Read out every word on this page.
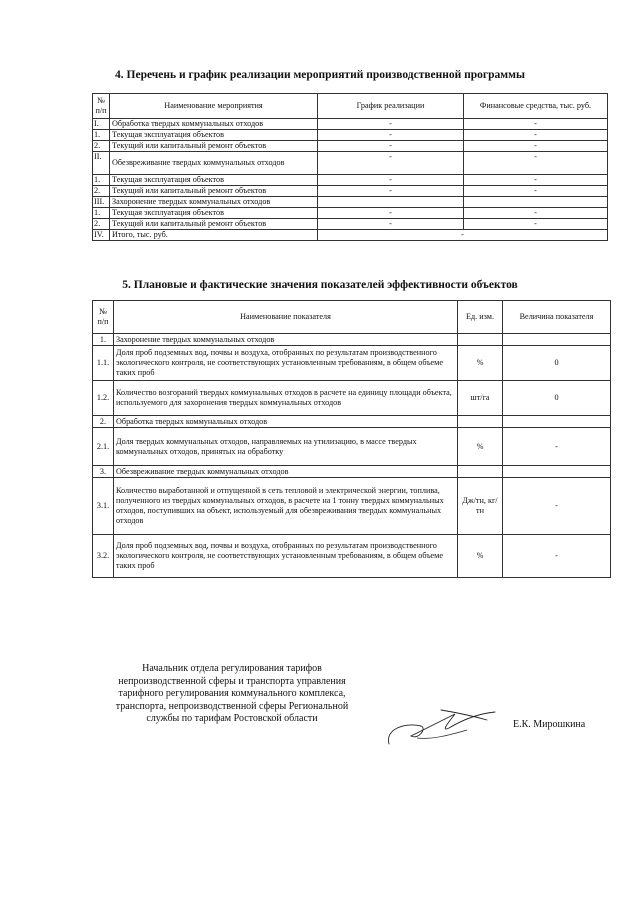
4. Перечень и график реализации мероприятий производственной программы
№ п/п	Наименование мероприятия	График реализации	Финансовые средства, тыс. руб.
I.	Обработка твердых коммунальных отходов	-	-
1.	Текущая эксплуатация объектов	-	-
2.	Текущий или капитальный ремонт объектов	-	-
II.	Обезвреживание твердых коммунальных отходов	-	-
1.	Текущая эксплуатация объектов	-	-
2.	Текущий или капитальный ремонт объектов	-	-
III.	Захоронение твердых коммунальных отходов		
1.	Текущая эксплуатация объектов	-	-
2.	Текущий или капитальный ремонт объектов	-	-
IV.	Итого, тыс. руб.	-	
5. Плановые и фактические значения показателей эффективности объектов
№ п/п	Наименование показателя	Ед. изм.	Величина показателя
1.	Захоронение твердых коммунальных отходов		
1.1.	Доля проб подземных вод, почвы и воздуха, отобранных по результатам производственного экологического контроля, не соответствующих установленным требованиям, в общем объеме таких проб	%	0
1.2.	Количество возгораний твердых коммунальных отходов в расчете на единицу площади объекта, используемого для захоронения твердых коммунальных отходов	шт/га	0
2.	Обработка твердых коммунальных отходов		
2.1.	Доля твердых коммунальных отходов, направляемых на утилизацию, в массе твердых коммунальных отходов, принятых на обработку	%	-
3.	Обезвреживание твердых коммунальных отходов		
3.1.	Количество выработанной и отпущенной в сеть тепловой и электрической энергии, топлива, полученного из твердых коммунальных отходов, в расчете на 1 тонну твердых коммунальных отходов, поступивших на объект, используемый для обезвреживания твердых коммунальных отходов	Дж/тн, кг/тн	-
3.2.	Доля проб подземных вод, почвы и воздуха, отобранных по результатам производственного экологического контроля, не соответствующих установленным требованиям, в общем объеме таких проб	%	-
Начальник отдела регулирования тарифов
непроизводственной сферы и транспорта управления
тарифного регулирования коммунального комплекса,
транспорта, непроизводственной сферы Региональной
службы по тарифам Ростовской области
Е.К. Мирошкина
